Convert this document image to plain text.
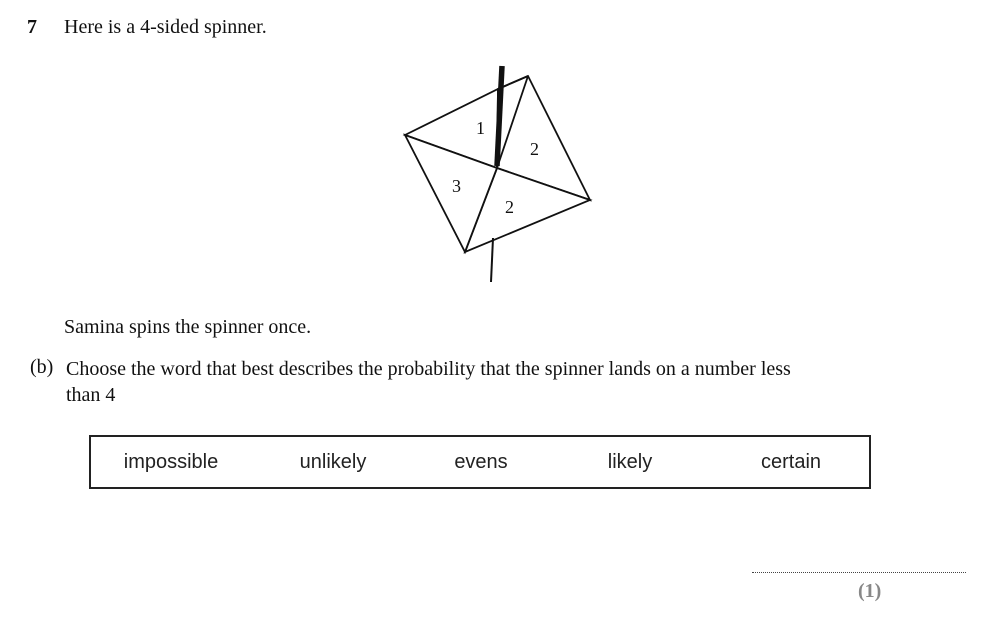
7 Here is a 4-sided spinner.
1
2
3
2
Samina spins the spinner once.
(b) Choose the word that best describes the probability that the spinner lands on a number less than 4
impossible	unlikely	evens	likely	certain
(1)
